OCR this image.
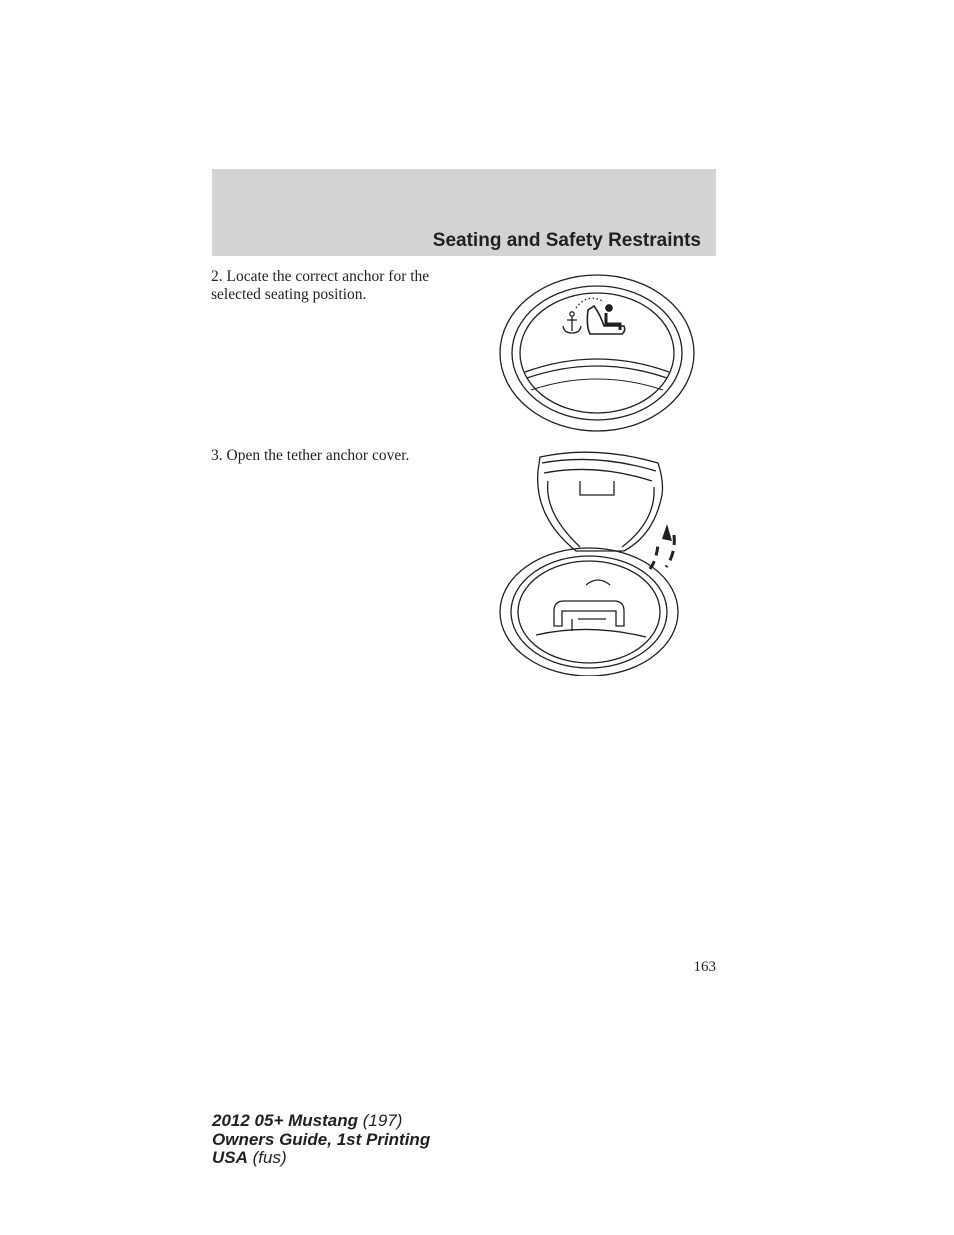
Seating and Safety Restraints
2. Locate the correct anchor for the selected seating position.
3. Open the tether anchor cover.
163
2012 05+ Mustang (197)
Owners Guide, 1st Printing
USA (fus)
